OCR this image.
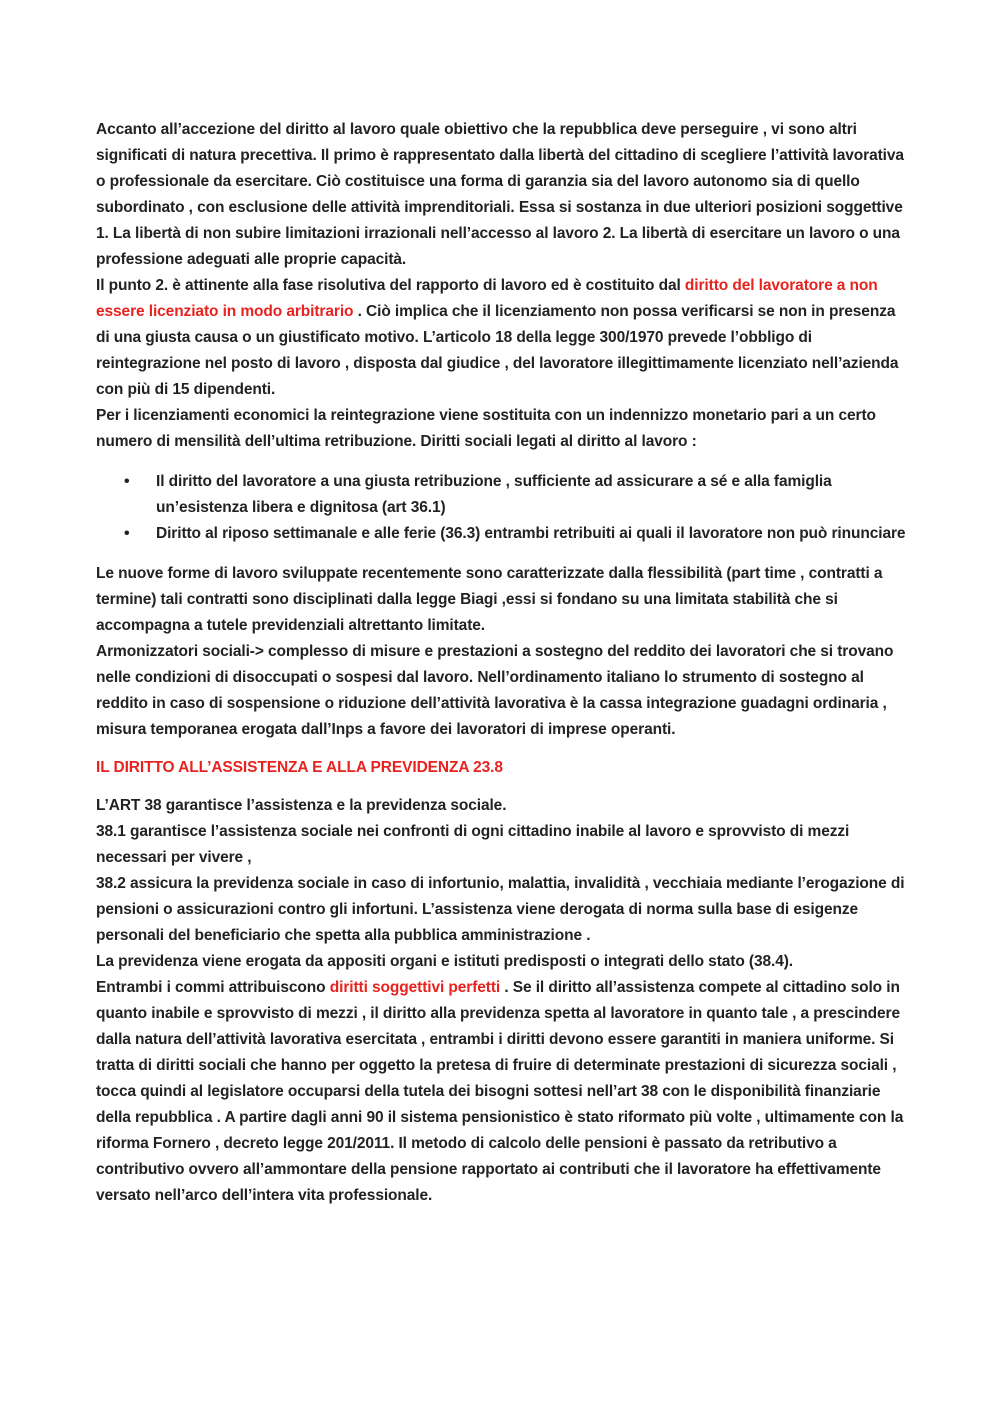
Accanto all’accezione del diritto al lavoro quale obiettivo che la repubblica deve perseguire , vi sono altri significati di natura precettiva. Il primo è rappresentato dalla libertà del cittadino di scegliere l’attività lavorativa o professionale da esercitare. Ciò costituisce una forma di garanzia sia del lavoro autonomo sia di quello subordinato , con esclusione delle attività imprenditoriali. Essa si sostanza in due ulteriori posizioni soggettive 1. La libertà di non subire limitazioni irrazionali nell’accesso al lavoro 2. La libertà di esercitare un lavoro o una professione adeguati alle proprie capacità.

Il punto 2. è attinente alla fase risolutiva del rapporto di lavoro ed è costituito dal diritto del lavoratore a non essere licenziato in modo arbitrario . Ciò implica che il licenziamento non possa verificarsi se non in presenza di una giusta causa o un giustificato motivo. L’articolo 18 della legge 300/1970 prevede l’obbligo di reintegrazione nel posto di lavoro , disposta dal giudice , del lavoratore illegittimamente licenziato nell’azienda con più di 15 dipendenti.

Per i licenziamenti economici la reintegrazione viene sostituita con un indennizzo monetario pari a un certo numero di mensilità dell’ultima retribuzione. Diritti sociali legati al diritto al lavoro :

• Il diritto del lavoratore a una giusta retribuzione , sufficiente ad assicurare a sé e alla famiglia un’esistenza libera e dignitosa (art 36.1)
• Diritto al riposo settimanale e alle ferie (36.3) entrambi retribuiti ai quali il lavoratore non può rinunciare

Le nuove forme di lavoro sviluppate recentemente sono caratterizzate dalla flessibilità (part time , contratti a termine) tali contratti sono disciplinati dalla legge Biagi ,essi si fondano su una limitata stabilità che si accompagna a tutele previdenziali altrettanto limitate.

Armonizzatori sociali-> complesso di misure e prestazioni a sostegno del reddito dei lavoratori che si trovano nelle condizioni di disoccupati o sospesi dal lavoro. Nell’ordinamento italiano lo strumento di sostegno al reddito in caso di sospensione o riduzione dell’attività lavorativa è la cassa integrazione guadagni ordinaria , misura temporanea erogata dall’Inps a favore dei lavoratori di imprese operanti.

IL DIRITTO ALL’ASSISTENZA E ALLA PREVIDENZA 23.8

L’ART 38 garantisce l’assistenza e la previdenza sociale.

38.1 garantisce l’assistenza sociale nei confronti di ogni cittadino inabile al lavoro e sprovvisto di mezzi necessari per vivere ,

38.2 assicura la previdenza sociale in caso di infortunio, malattia, invalidità , vecchiaia mediante l’erogazione di pensioni o assicurazioni contro gli infortuni. L’assistenza viene derogata di norma sulla base di esigenze personali del beneficiario che spetta alla pubblica amministrazione .

La previdenza viene erogata da appositi organi e istituti predisposti o integrati dello stato (38.4).

Entrambi i commi attribuiscono diritti soggettivi perfetti . Se il diritto all’assistenza compete al cittadino solo in quanto inabile e sprovvisto di mezzi , il diritto alla previdenza spetta al lavoratore in quanto tale , a prescindere dalla natura dell’attività lavorativa esercitata , entrambi i diritti devono essere garantiti in maniera uniforme. Si tratta di diritti sociali che hanno per oggetto la pretesa di fruire di determinate prestazioni di sicurezza sociali , tocca quindi al legislatore occuparsi della tutela dei bisogni sottesi nell’art 38 con le disponibilità finanziarie della repubblica . A partire dagli anni 90 il sistema pensionistico è stato riformato più volte , ultimamente con la riforma Fornero , decreto legge 201/2011. Il metodo di calcolo delle pensioni è passato da retributivo a contributivo ovvero all’ammontare della pensione rapportato ai contributi che il lavoratore ha effettivamente versato nell’arco dell’intera vita professionale.
